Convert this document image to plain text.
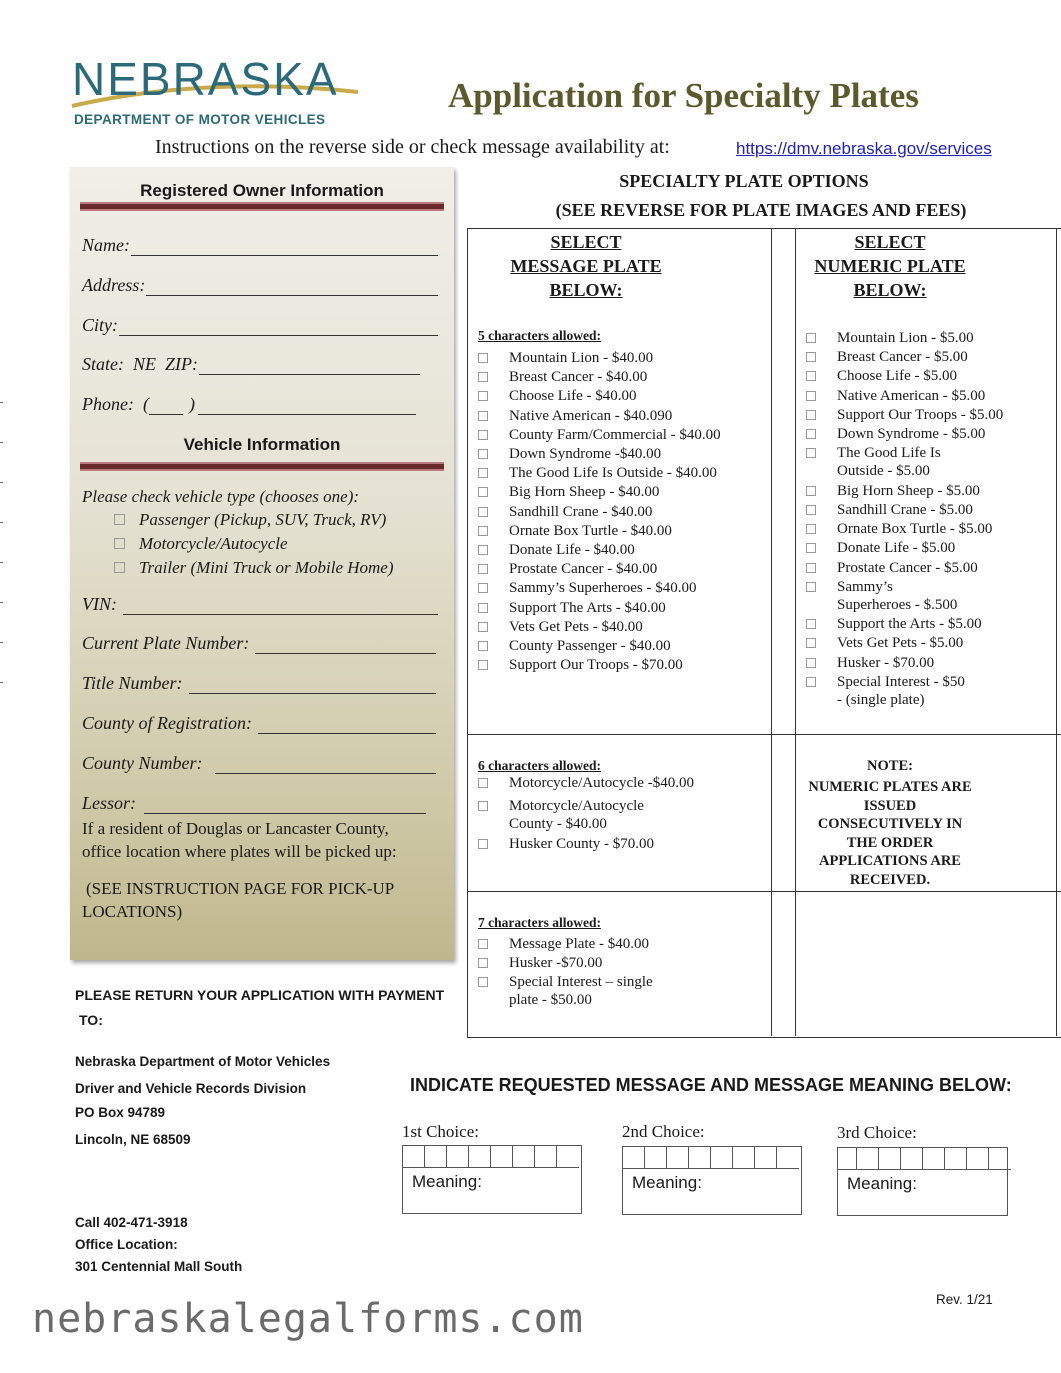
NEBRASKA
DEPARTMENT OF MOTOR VEHICLES
Application for Specialty Plates
Instructions on the reverse side or check message availability at:	https://dmv.nebraska.gov/services
Registered Owner Information
Name:
Address:
City:
State:  NE  ZIP:
Phone:  ( )
Vehicle Information
Please check vehicle type (chooses one):
Passenger (Pickup, SUV, Truck, RV)
Motorcycle/Autocycle
Trailer (Mini Truck or Mobile Home)
VIN:
Current Plate Number:
Title Number:
County of Registration:
County Number:
Lessor:
If a resident of Douglas or Lancaster County, office location where plates will be picked up:
(SEE INSTRUCTION PAGE FOR PICK-UP LOCATIONS)
PLEASE RETURN YOUR APPLICATION WITH PAYMENT
TO:
Nebraska Department of Motor Vehicles
Driver and Vehicle Records Division
PO Box 94789
Lincoln, NE 68509
Call 402-471-3918
Office Location:
301 Centennial Mall South
SPECIALTY PLATE OPTIONS
(SEE REVERSE FOR PLATE IMAGES AND FEES)
SELECT
MESSAGE PLATE
BELOW:
SELECT
NUMERIC PLATE
BELOW:
5 characters allowed:
Mountain Lion - $40.00
Breast Cancer - $40.00
Choose Life - $40.00
Native American - $40.090
County Farm/Commercial - $40.00
Down Syndrome -$40.00
The Good Life Is Outside - $40.00
Big Horn Sheep - $40.00
Sandhill Crane - $40.00
Ornate Box Turtle - $40.00
Donate Life - $40.00
Prostate Cancer - $40.00
Sammy’s Superheroes - $40.00
Support The Arts - $40.00
Vets Get Pets - $40.00
County Passenger - $40.00
Support Our Troops - $70.00
Mountain Lion - $5.00
Breast Cancer - $5.00
Choose Life - $5.00
Native American - $5.00
Support Our Troops - $5.00
Down Syndrome - $5.00
The Good Life Is
Outside - $5.00
Big Horn Sheep - $5.00
Sandhill Crane - $5.00
Ornate Box Turtle - $5.00
Donate Life - $5.00
Prostate Cancer - $5.00
Sammy’s
Superheroes - $.500
Support the Arts - $5.00
Vets Get Pets - $5.00
Husker - $70.00
Special Interest - $50
- (single plate)
6 characters allowed:
Motorcycle/Autocycle -$40.00
Motorcycle/Autocycle
County - $40.00
Husker County - $70.00
NOTE:
NUMERIC PLATES ARE
ISSUED
CONSECUTIVELY IN
THE ORDER
APPLICATIONS ARE
RECEIVED.
7 characters allowed:
Message Plate - $40.00
Husker -$70.00
Special Interest – single
plate - $50.00
INDICATE REQUESTED MESSAGE AND MESSAGE MEANING BELOW:
1st Choice:
Meaning:
2nd Choice:
Meaning:
3rd Choice:
Meaning:
Rev. 1/21
nebraskalegalforms.com
